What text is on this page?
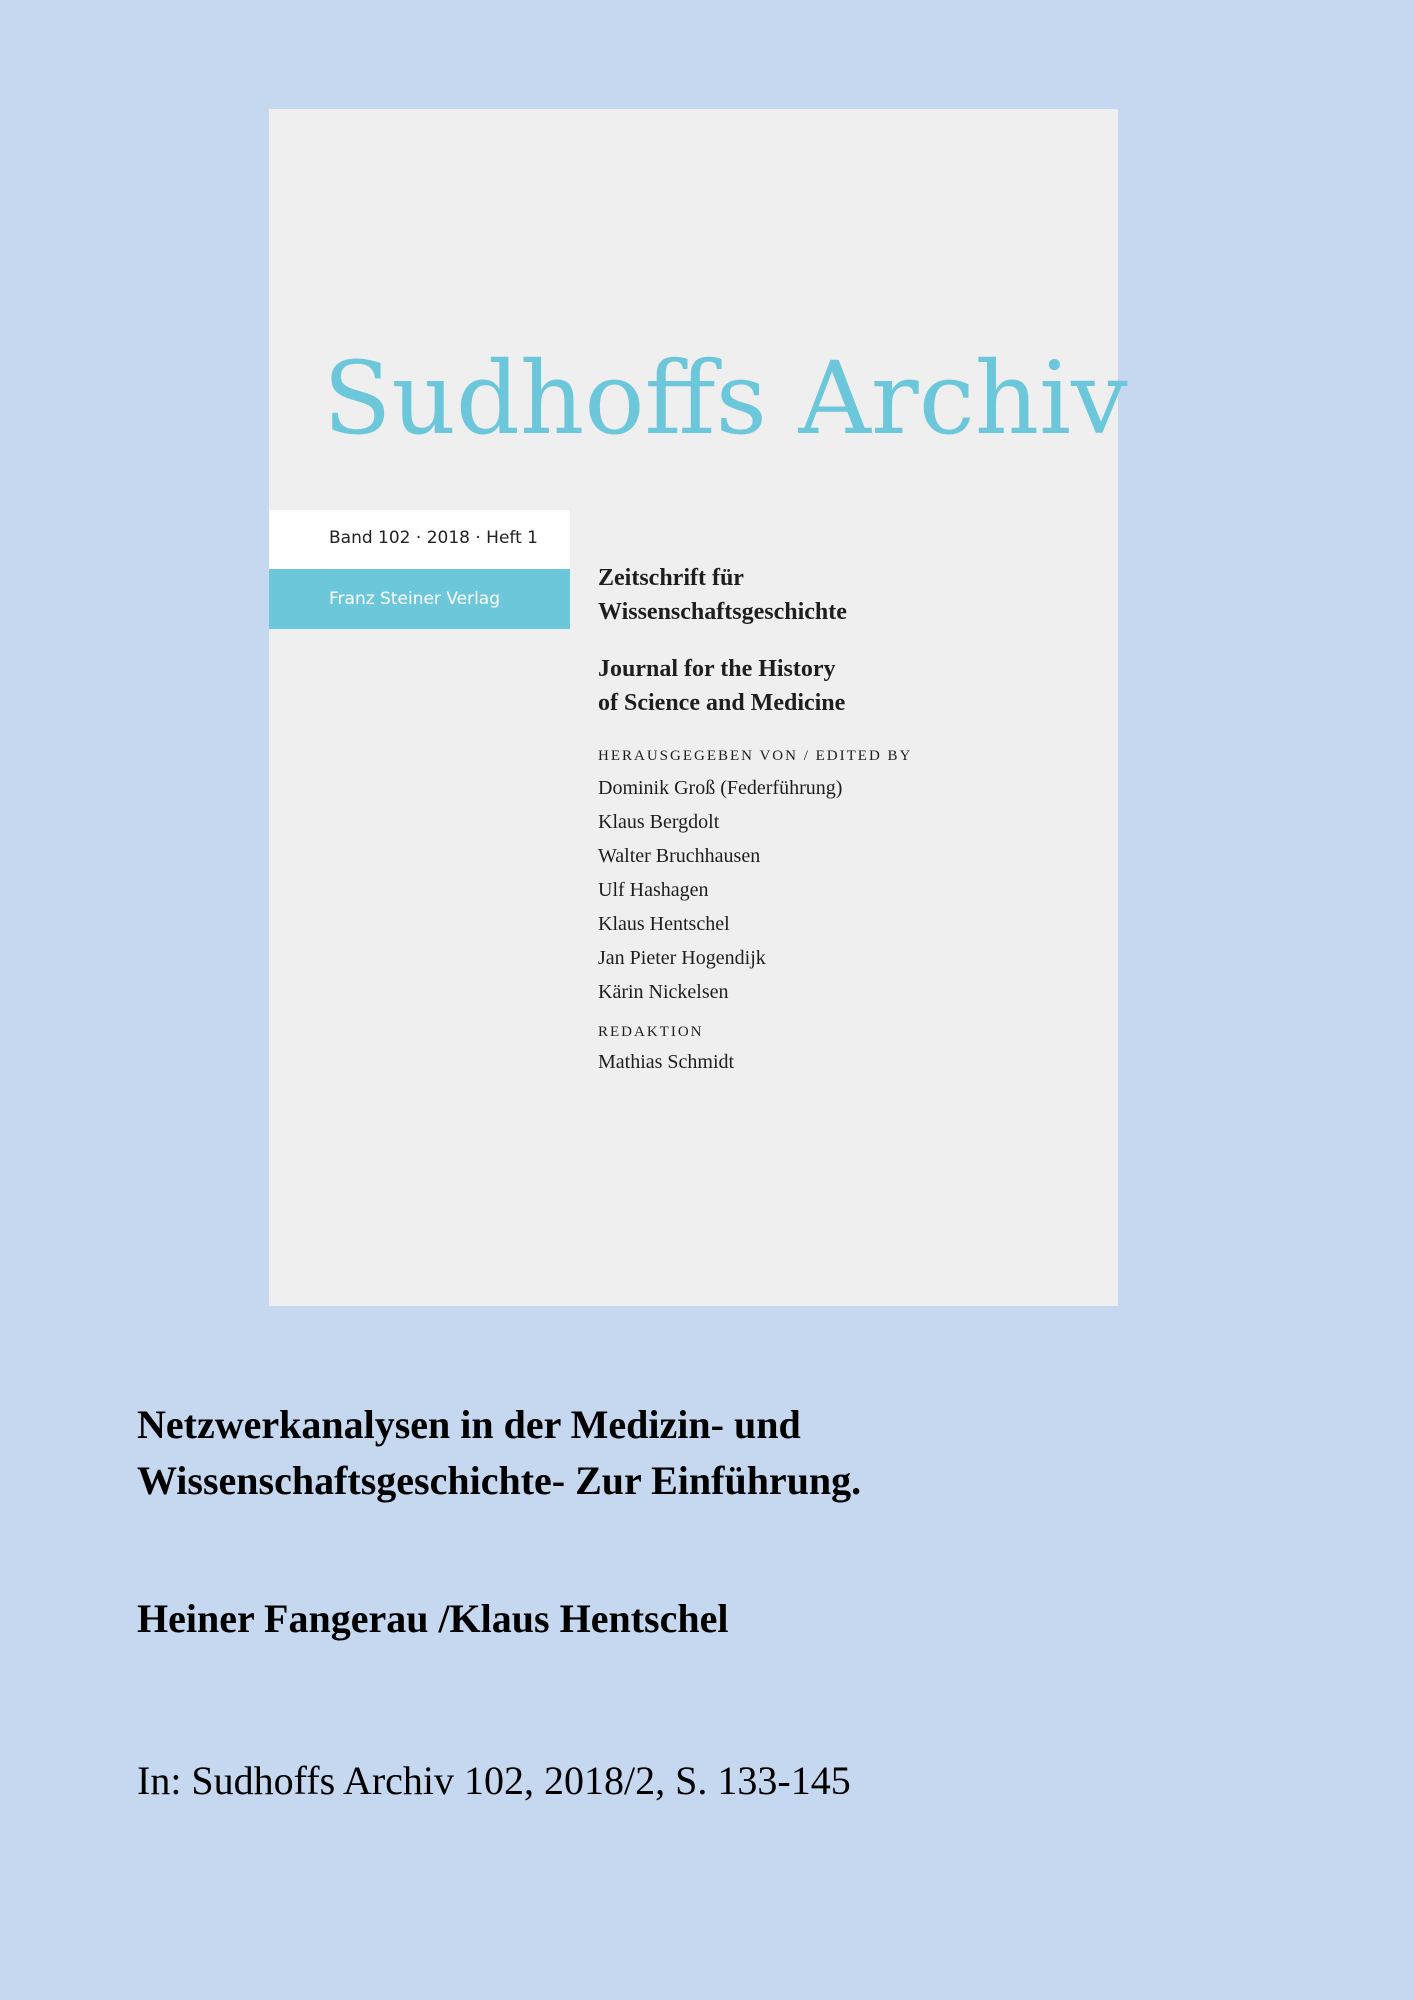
Sudhoffs Archiv
Band 102 · 2018 · Heft 1
Franz Steiner Verlag

Zeitschrift für
Wissenschaftsgeschichte

Journal for the History
of Science and Medicine

HERAUSGEGEBEN VON / EDITED BY

Dominik Groß (Federführung)
Klaus Bergdolt
Walter Bruchhausen
Ulf Hashagen
Klaus Hentschel
Jan Pieter Hogendijk
Kärin Nickelsen

REDAKTION

Mathias Schmidt

Netzwerkanalysen in der Medizin- und
Wissenschaftsgeschichte- Zur Einführung.

Heiner Fangerau /Klaus Hentschel

In: Sudhoffs Archiv 102, 2018/2, S. 133-145
